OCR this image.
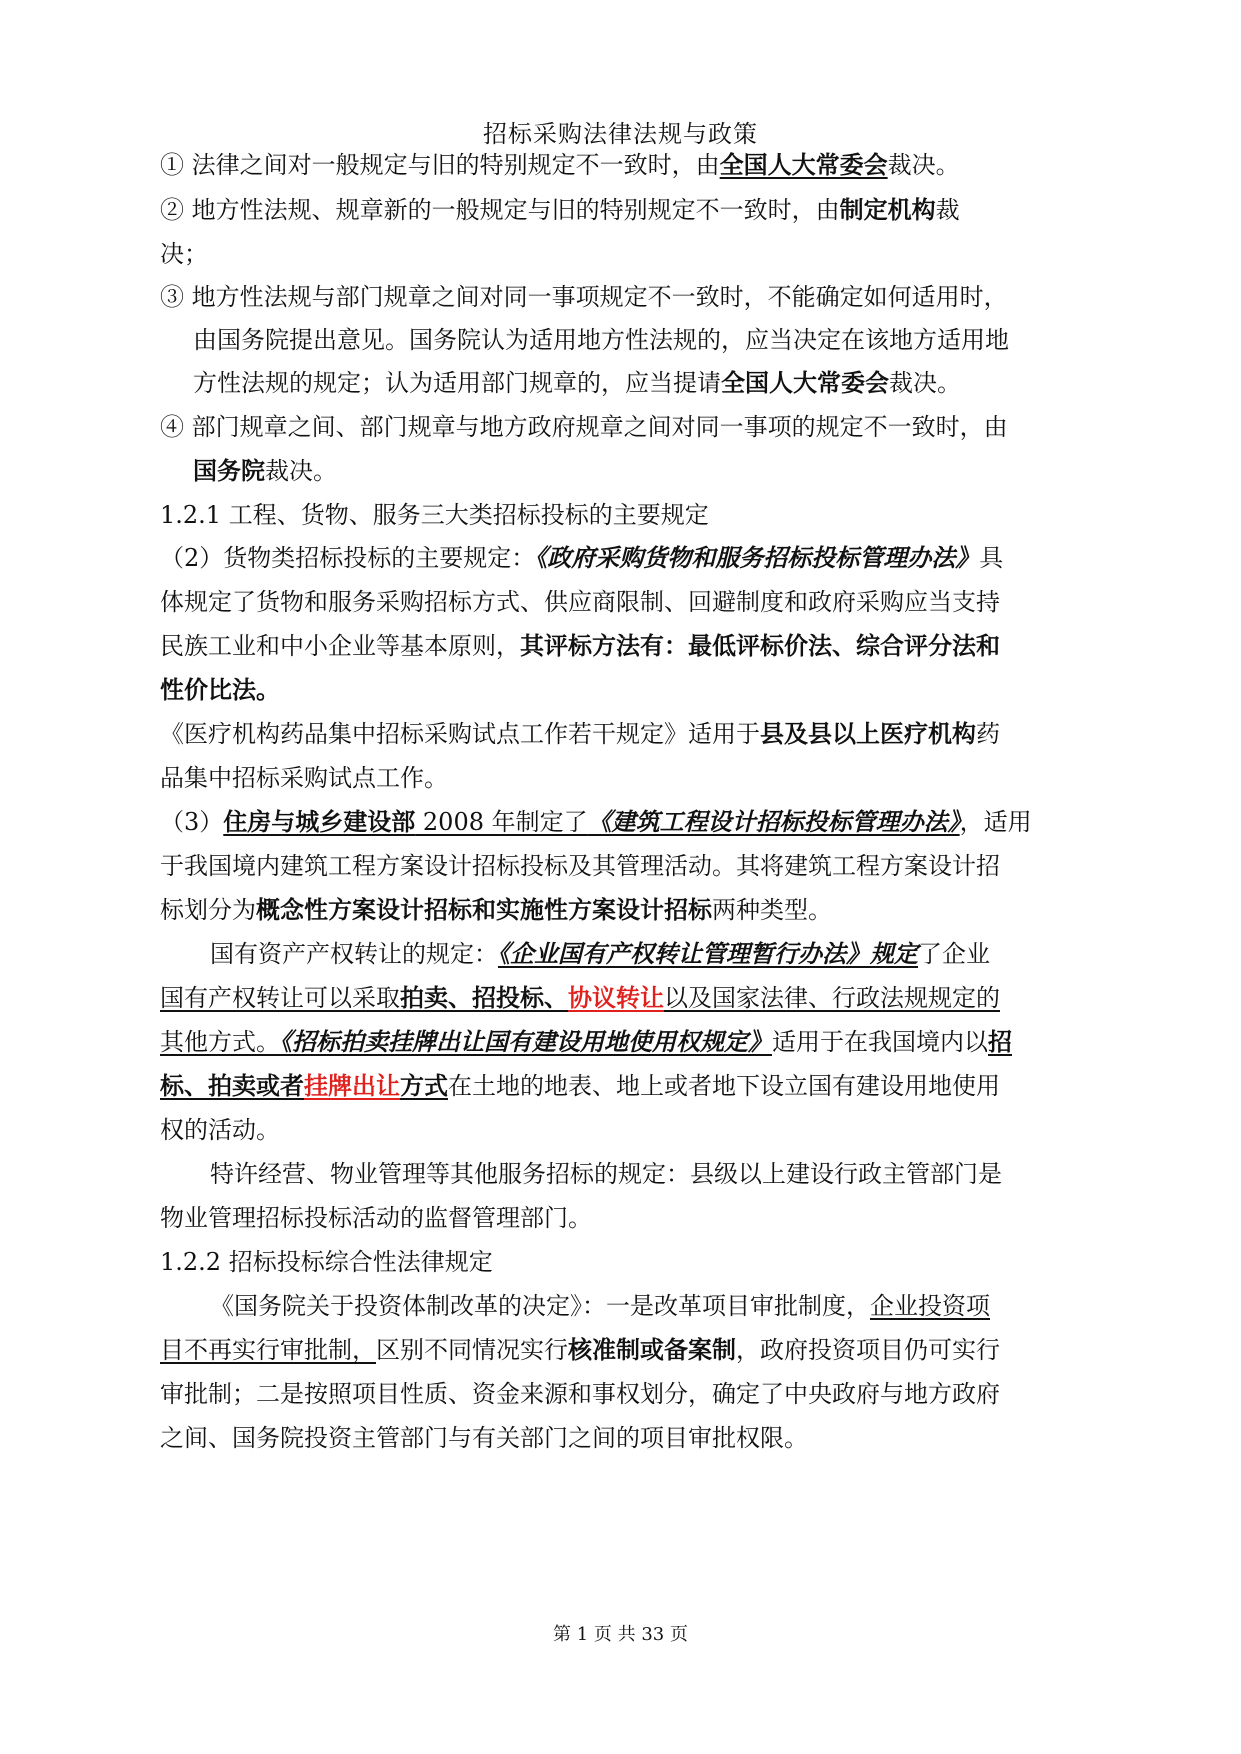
招标采购法律法规与政策
① 法律之间对一般规定与旧的特别规定不一致时，由全国人大常委会裁决。
② 地方性法规、规章新的一般规定与旧的特别规定不一致时，由制定机构裁
决；
③ 地方性法规与部门规章之间对同一事项规定不一致时，不能确定如何适用时，
由国务院提出意见。国务院认为适用地方性法规的，应当决定在该地方适用地
方性法规的规定；认为适用部门规章的，应当提请全国人大常委会裁决。
④ 部门规章之间、部门规章与地方政府规章之间对同一事项的规定不一致时，由
国务院裁决。
1.2.1 工程、货物、服务三大类招标投标的主要规定
（2）货物类招标投标的主要规定：《政府采购货物和服务招标投标管理办法》具
体规定了货物和服务采购招标方式、供应商限制、回避制度和政府采购应当支持
民族工业和中小企业等基本原则，其评标方法有：最低评标价法、综合评分法和
性价比法。
《医疗机构药品集中招标采购试点工作若干规定》适用于县及县以上医疗机构药
品集中招标采购试点工作。
（3）住房与城乡建设部 2008 年制定了《建筑工程设计招标投标管理办法》，适用
于我国境内建筑工程方案设计招标投标及其管理活动。其将建筑工程方案设计招
标划分为概念性方案设计招标和实施性方案设计招标两种类型。
国有资产产权转让的规定：《企业国有产权转让管理暂行办法》规定了企业
国有产权转让可以采取拍卖、招投标、协议转让以及国家法律、行政法规规定的
其他方式。《招标拍卖挂牌出让国有建设用地使用权规定》适用于在我国境内以招
标、拍卖或者挂牌出让方式在土地的地表、地上或者地下设立国有建设用地使用
权的活动。
特许经营、物业管理等其他服务招标的规定：县级以上建设行政主管部门是
物业管理招标投标活动的监督管理部门。
1.2.2 招标投标综合性法律规定
《国务院关于投资体制改革的决定》：一是改革项目审批制度，企业投资项
目不再实行审批制，区别不同情况实行核准制或备案制，政府投资项目仍可实行
审批制；二是按照项目性质、资金来源和事权划分，确定了中央政府与地方政府
之间、国务院投资主管部门与有关部门之间的项目审批权限。
第 1 页 共 33 页
